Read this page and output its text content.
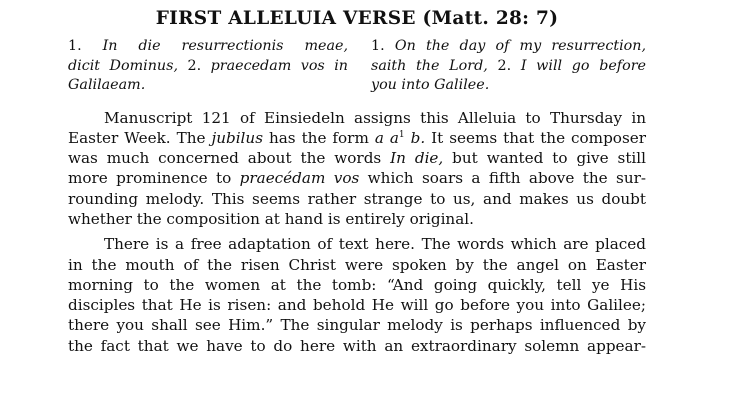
FIRST ALLELUIA VERSE (Matt. 28: 7)
1. In die resurrectionis meae,
dicit Dominus, 2. praecedam vos in
Galilaeam.
1. On the day of my resurrection,
saith the Lord, 2. I will go before
you into Galilee.
Manuscript 121 of Einsiedeln assigns this Alleluia to Thursday in
Easter Week. The jubilus has the form a $a^1$ b. It seems that the composer
was much concerned about the words In die, but wanted to give still
more prominence to praecédam vos which soars a fifth above the sur-
rounding melody. This seems rather strange to us, and makes us doubt
whether the composition at hand is entirely original.
There is a free adaptation of text here. The words which are placed
in the mouth of the risen Christ were spoken by the angel on Easter
morning to the women at the tomb: “And going quickly, tell ye His
disciples that He is risen: and behold He will go before you into Galilee;
there you shall see Him.” The singular melody is perhaps influenced by
the fact that we have to do here with an extraordinary solemn appear-
